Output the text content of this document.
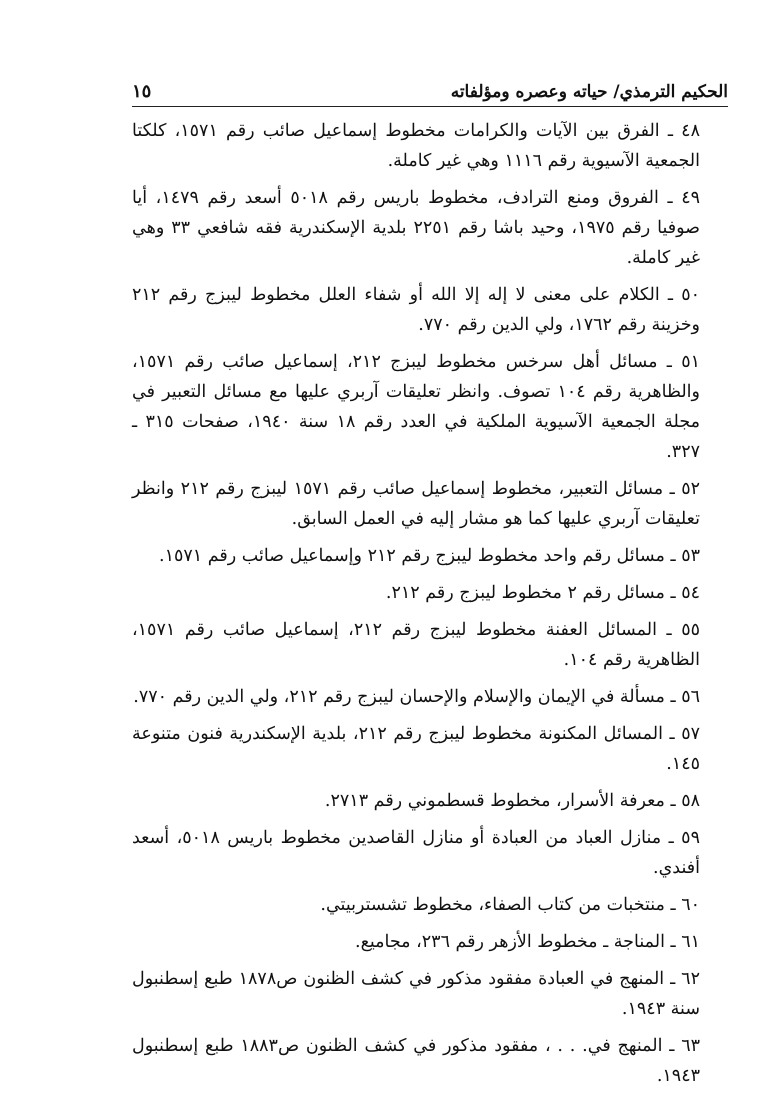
الحكيم الترمذي/ حياته وعصره ومؤلفاته
١٥

٤٨ ـ الفرق بين الآيات والكرامات مخطوط إسماعيل صائب رقم ١٥٧١، كلكتا الجمعية الآسيوية رقم ١١١٦ وهي غير كاملة.

٤٩ ـ الفروق ومنع الترادف، مخطوط باريس رقم ٥٠١٨ أسعد رقم ١٤٧٩، أيا صوفيا رقم ١٩٧٥، وحيد باشا رقم ٢٢٥١ بلدية الإسكندرية فقه شافعي ٣٣ وهي غير كاملة.

٥٠ ـ الكلام على معنى لا إله إلا الله أو شفاء العلل مخطوط ليبزج رقم ٢١٢ وخزينة رقم ١٧٦٢، ولي الدين رقم ٧٧٠.

٥١ ـ مسائل أهل سرخس مخطوط ليبزج ٢١٢، إسماعيل صائب رقم ١٥٧١، والظاهرية رقم ١٠٤ تصوف. وانظر تعليقات آربري عليها مع مسائل التعبير في مجلة الجمعية الآسيوية الملكية في العدد رقم ١٨ سنة ١٩٤٠، صفحات ٣١٥ ـ ٣٢٧.

٥٢ ـ مسائل التعبير، مخطوط إسماعيل صائب رقم ١٥٧١ ليبزج رقم ٢١٢ وانظر تعليقات آربري عليها كما هو مشار إليه في العمل السابق.

٥٣ ـ مسائل رقم واحد مخطوط ليبزج رقم ٢١٢ وإسماعيل صائب رقم ١٥٧١.

٥٤ ـ مسائل رقم ٢ مخطوط ليبزج رقم ٢١٢.

٥٥ ـ المسائل العفنة مخطوط ليبزج رقم ٢١٢، إسماعيل صائب رقم ١٥٧١، الظاهرية رقم ١٠٤.

٥٦ ـ مسألة في الإيمان والإسلام والإحسان ليبزج رقم ٢١٢، ولي الدين رقم ٧٧٠.

٥٧ ـ المسائل المكنونة مخطوط ليبزج رقم ٢١٢، بلدية الإسكندرية فنون متنوعة ١٤٥.

٥٨ ـ معرفة الأسرار، مخطوط قسطموني رقم ٢٧١٣.

٥٩ ـ منازل العباد من العبادة أو منازل القاصدين مخطوط باريس ٥٠١٨، أسعد أفندي.

٦٠ ـ منتخبات من كتاب الصفاء، مخطوط تشستربيتي.

٦١ ـ المناجة ـ مخطوط الأزهر رقم ٢٣٦، مجاميع.

٦٢ ـ المنهج في العبادة مفقود مذكور في كشف الظنون ص١٨٧٨ طبع إسطنبول سنة ١٩٤٣.

٦٣ ـ المنهج في. . . ، مفقود مذكور في كشف الظنون ص١٨٨٣ طبع إسطنبول ١٩٤٣.
